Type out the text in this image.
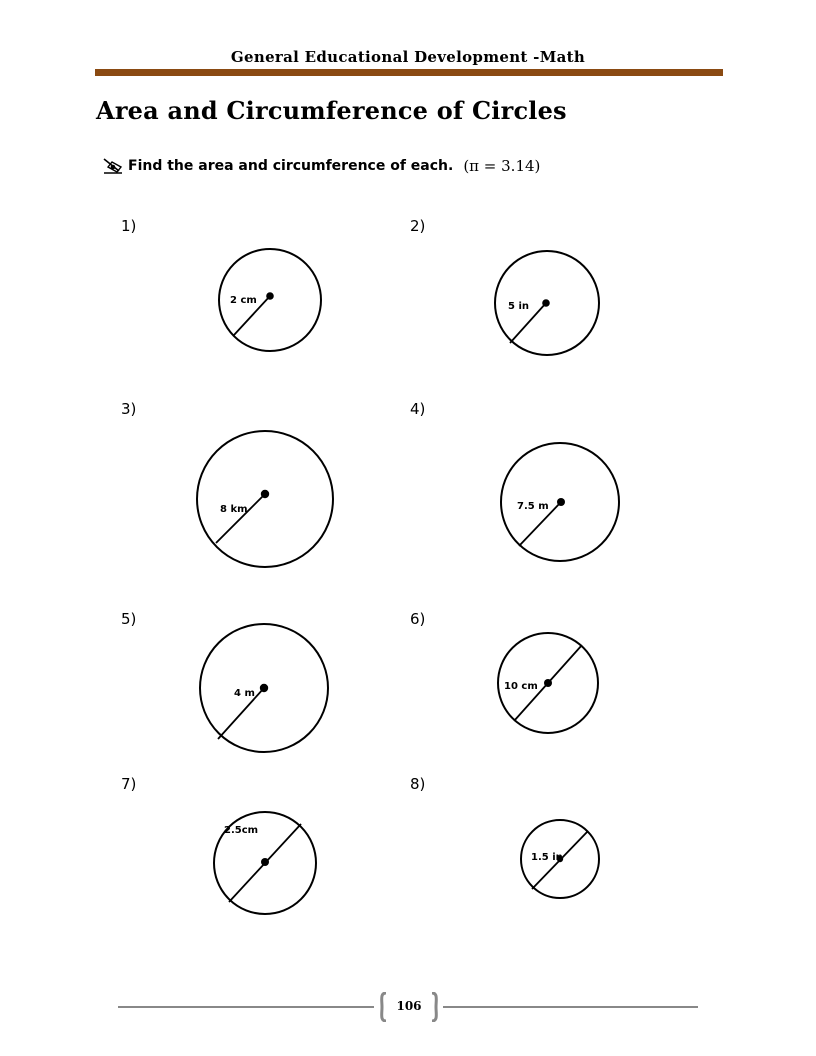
General Educational Development -Math
Area and Circumference of Circles
Find the area and circumference of each. (π = 3.14)
1)
2 cm
2)
5 in
3)
8 km
4)
7.5 m
5)
4 m
6)
10 cm
7)
2.5cm
8)
1.5 in
106
